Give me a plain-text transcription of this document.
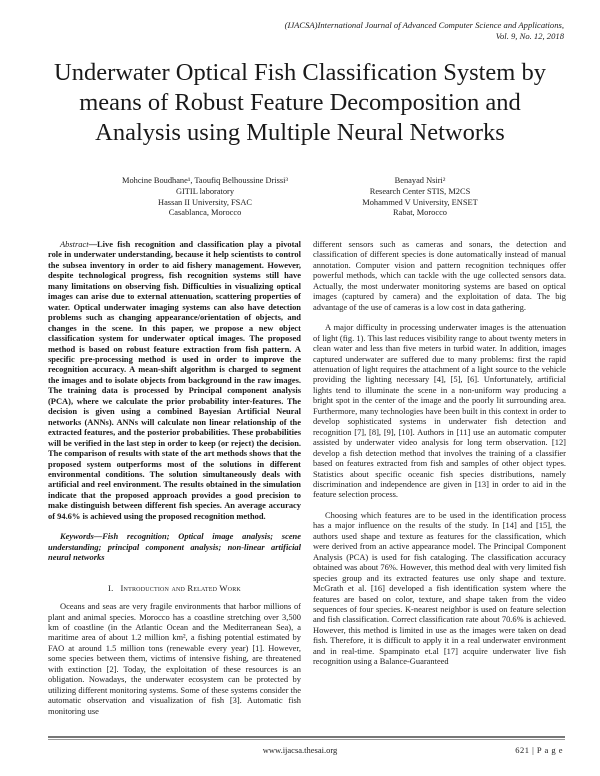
(IJACSA)International Journal of Advanced Computer Science and Applications,
Vol. 9, No. 12, 2018
Underwater Optical Fish Classification System by
means of Robust Feature Decomposition and
Analysis using Multiple Neural Networks
Mohcine Boudhane¹, Taoufiq Belhoussine Drissi³
GITIL laboratory
Hassan II University, FSAC
Casablanca, Morocco
Benayad Nsiri²
Research Center STIS, M2CS
Mohammed V University, ENSET
Rabat, Morocco

Abstract—Live fish recognition and classification play a pivotal role in underwater understanding, because it help scientists to control the subsea inventory in order to aid fishery management. However, despite technological progress, fish recognition systems still have many limitations on observing fish. Difficulties in visualizing optical images can arise due to external attenuation, scattering properties of water. Optical underwater imaging systems can also have detection problems such as changing appearance/orientation of objects, and changes in the scene. In this paper, we propose a new object classification system for underwater optical images. The proposed method is based on robust feature extraction from fish pattern. A specific pre-processing method is used in order to improve the recognition accuracy. A mean-shift algorithm is charged to segment the images and to isolate objects from background in the raw images. The training data is processed by Principal component analysis (PCA), where we calculate the prior probability inter-features. The decision is given using a combined Bayesian Artificial Neural networks (ANNs). ANNs will calculate non linear relationship of the extracted features, and the posterior probabilities. These probabilities will be verified in the last step in order to keep (or reject) the decision. The comparison of results with state of the art methods shows that the proposed system outperforms most of the solutions in different environmental conditions. The solution simultaneously deals with artificial and reel environment. The results obtained in the simulation indicate that the proposed approach provides a good precision to make distinguish between different fish species. An average accuracy of 94.6% is achieved using the proposed recognition method.

Keywords—Fish recognition; Optical image analysis; scene understanding; principal component analysis; non-linear artificial neural networks

I. Introduction and Related Work

Oceans and seas are very fragile environments that harbor millions of plant and animal species. Morocco has a coastline stretching over 3,500 km of coastline (in the Atlantic Ocean and the Mediterranean Sea), a maritime area of about 1.2 million km², a fishing potential estimated by FAO at around 1.5 million tons (renewable every year) [1]. However, some species between them, victims of intensive fishing, are threatened with extinction [2]. Today, the exploitation of these resources is an obligation. Nowadays, the underwater ecosystem can be protected by utilizing different monitoring systems. Some of these systems consider the automatic observation and visualization of fish [3]. Automatic fish monitoring use

different sensors such as cameras and sonars, the detection and classification of different species is done automatically instead of manual annotation. Computer vision and pattern recognition techniques offer powerful methods, which can tackle with the uge collected sensors data. Actually, the most underwater monitoring systems are based on optical images (captured by camera) and the exploitation of data. The big advantage of the use of cameras is a low cost in data gathering.

A major difficulty in processing underwater images is the attenuation of light (fig. 1). This last reduces visibility range to about twenty meters in clean water and less than five meters in turbid water. In addition, images captured underwater are suffered due to many problems: first the rapid attenuation of light requires the attachment of a light source to the vehicle providing the lighting necessary [4], [5], [6]. Unfortunately, artificial lights tend to illuminate the scene in a non-uniform way producing a bright spot in the center of the image and the poorly lit surrounding area. Furthermore, many technologies have been built in this context in order to develop sophisticated systems in underwater fish detection and recognition [7], [8], [9], [10]. Authors in [11] use an automatic computer assisted by underwater video analysis for long term observation. [12] develop a fish detection method that involves the training of a classifier based on features extracted from fish and samples of other object types. Statistics about specific oceanic fish species distributions, namely discrimination and independence are given in [13] in order to aid in the feature selection process.

Choosing which features are to be used in the identification process has a major influence on the results of the study. In [14] and [15], the authors used shape and texture as features for the classification, which were derived from an active appearance model. The Principal Component Analysis (PCA) is used for fish cataloging. The classification accuracy obtained was about 76%. However, this method deal with very limited fish species group and its extracted features use only shape and texture. McGrath et al. [16] developed a fish identification system where the features are based on color, texture, and shape taken from the video sequences of four species. K-nearest neighbor is used on feature selection and fish classification. Correct classification rate about 70.6% is achieved. However, this method is limited in use as the images were taken on dead fish. Therefore, it is difficult to apply it in a real underwater environment and in real-time. Spampinato et.al [17] acquire underwater live fish recognition using a Balance-Guaranteed

www.ijacsa.thesai.org	621 | P a g e
